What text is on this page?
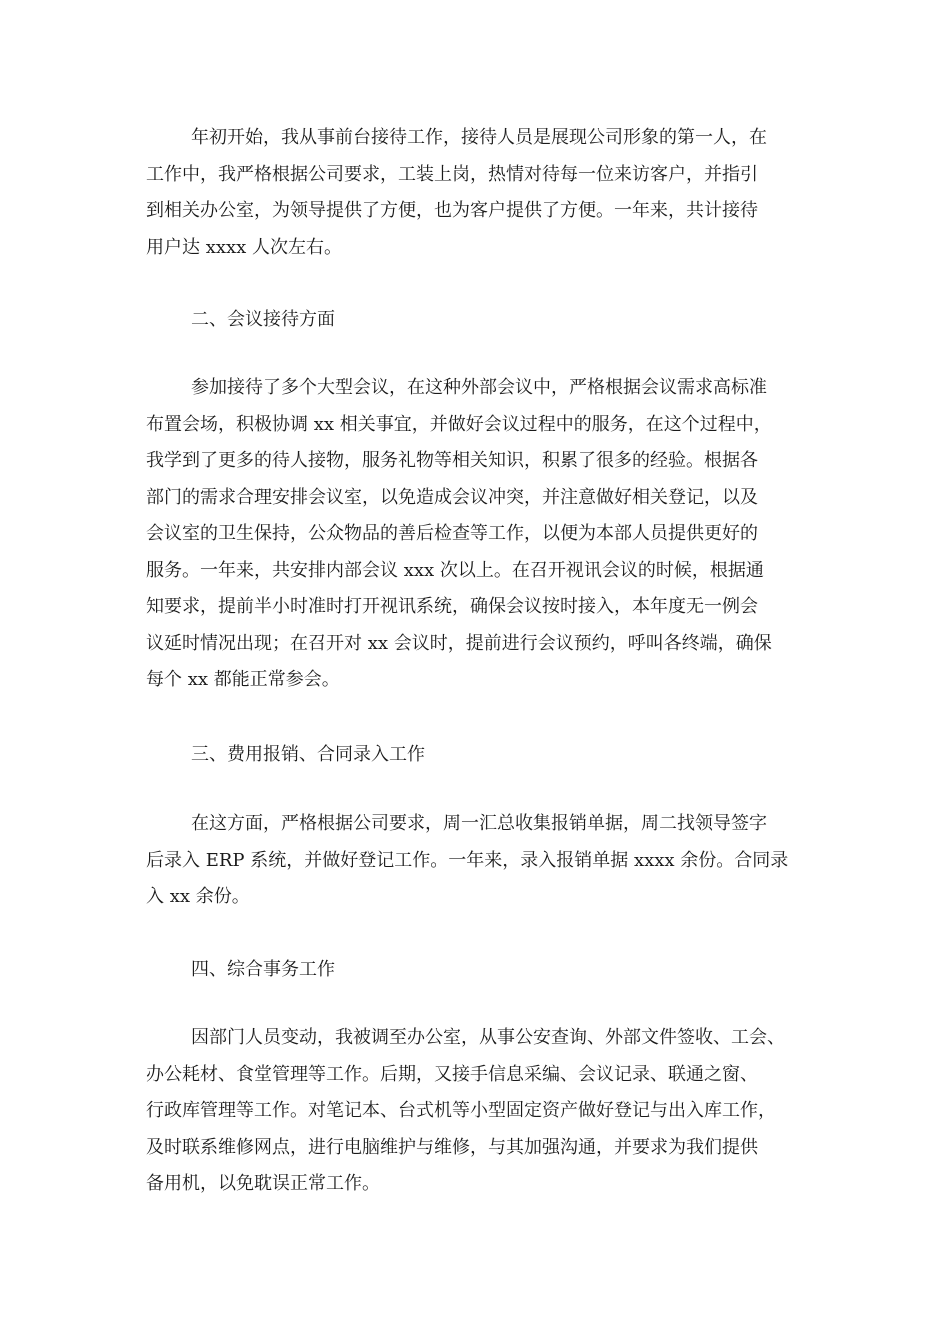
年初开始，我从事前台接待工作，接待人员是展现公司形象的第一人，在
工作中，我严格根据公司要求，工装上岗，热情对待每一位来访客户，并指引
到相关办公室，为领导提供了方便，也为客户提供了方便。一年来，共计接待
用户达 xxxx 人次左右。
二、会议接待方面
参加接待了多个大型会议，在这种外部会议中，严格根据会议需求高标准
布置会场，积极协调 xx 相关事宜，并做好会议过程中的服务，在这个过程中，
我学到了更多的待人接物，服务礼物等相关知识，积累了很多的经验。根据各
部门的需求合理安排会议室，以免造成会议冲突，并注意做好相关登记，以及
会议室的卫生保持，公众物品的善后检查等工作，以便为本部人员提供更好的
服务。一年来，共安排内部会议 xxx 次以上。在召开视讯会议的时候，根据通
知要求，提前半小时准时打开视讯系统，确保会议按时接入，本年度无一例会
议延时情况出现；在召开对 xx 会议时，提前进行会议预约，呼叫各终端，确保
每个 xx 都能正常参会。
三、费用报销、合同录入工作
在这方面，严格根据公司要求，周一汇总收集报销单据，周二找领导签字
后录入 ERP 系统，并做好登记工作。一年来，录入报销单据 xxxx 余份。合同录
入 xx 余份。
四、综合事务工作
因部门人员变动，我被调至办公室，从事公安查询、外部文件签收、工会、
办公耗材、食堂管理等工作。后期，又接手信息采编、会议记录、联通之窗、
行政库管理等工作。对笔记本、台式机等小型固定资产做好登记与出入库工作，
及时联系维修网点，进行电脑维护与维修，与其加强沟通，并要求为我们提供
备用机，以免耽误正常工作。
